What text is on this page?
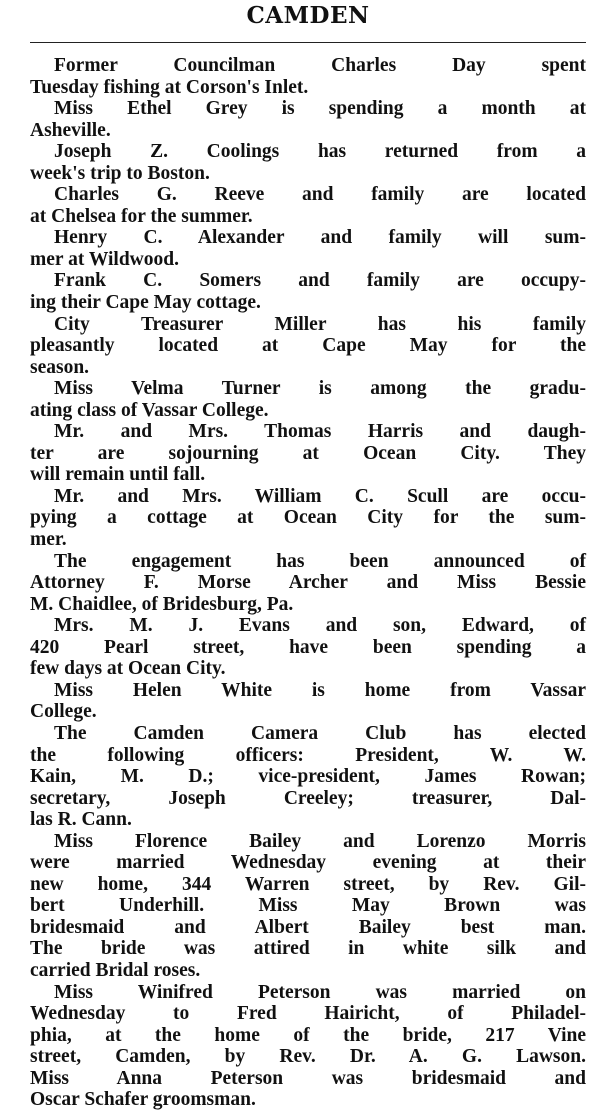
CAMDEN

Former Councilman Charles Day spent
Tuesday fishing at Corson's Inlet.

Miss Ethel Grey is spending a month at
Asheville.

Joseph Z. Coolings has returned from a
week's trip to Boston.

Charles G. Reeve and family are located
at Chelsea for the summer.

Henry C. Alexander and family will sum-
mer at Wildwood.

Frank C. Somers and family are occupy-
ing their Cape May cottage.

City Treasurer Miller has his family
pleasantly located at Cape May for the
season.

Miss Velma Turner is among the gradu-
ating class of Vassar College.

Mr. and Mrs. Thomas Harris and daugh-
ter are sojourning at Ocean City. They
will remain until fall.

Mr. and Mrs. William C. Scull are occu-
pying a cottage at Ocean City for the sum-
mer.

The engagement has been announced of
Attorney F. Morse Archer and Miss Bessie
M. Chaidlee, of Bridesburg, Pa.

Mrs. M. J. Evans and son, Edward, of
420 Pearl street, have been spending a
few days at Ocean City.

Miss Helen White is home from Vassar
College.

The Camden Camera Club has elected
the following officers: President, W. W.
Kain, M. D.; vice-president, James Rowan;
secretary, Joseph Creeley; treasurer, Dal-
las R. Cann.

Miss Florence Bailey and Lorenzo Morris
were married Wednesday evening at their
new home, 344 Warren street, by Rev. Gil-
bert Underhill. Miss May Brown was
bridesmaid and Albert Bailey best man.
The bride was attired in white silk and
carried Bridal roses.

Miss Winifred Peterson was married on
Wednesday to Fred Hairicht, of Philadel-
phia, at the home of the bride, 217 Vine
street, Camden, by Rev. Dr. A. G. Lawson.
Miss Anna Peterson was bridesmaid and
Oscar Schafer groomsman.
